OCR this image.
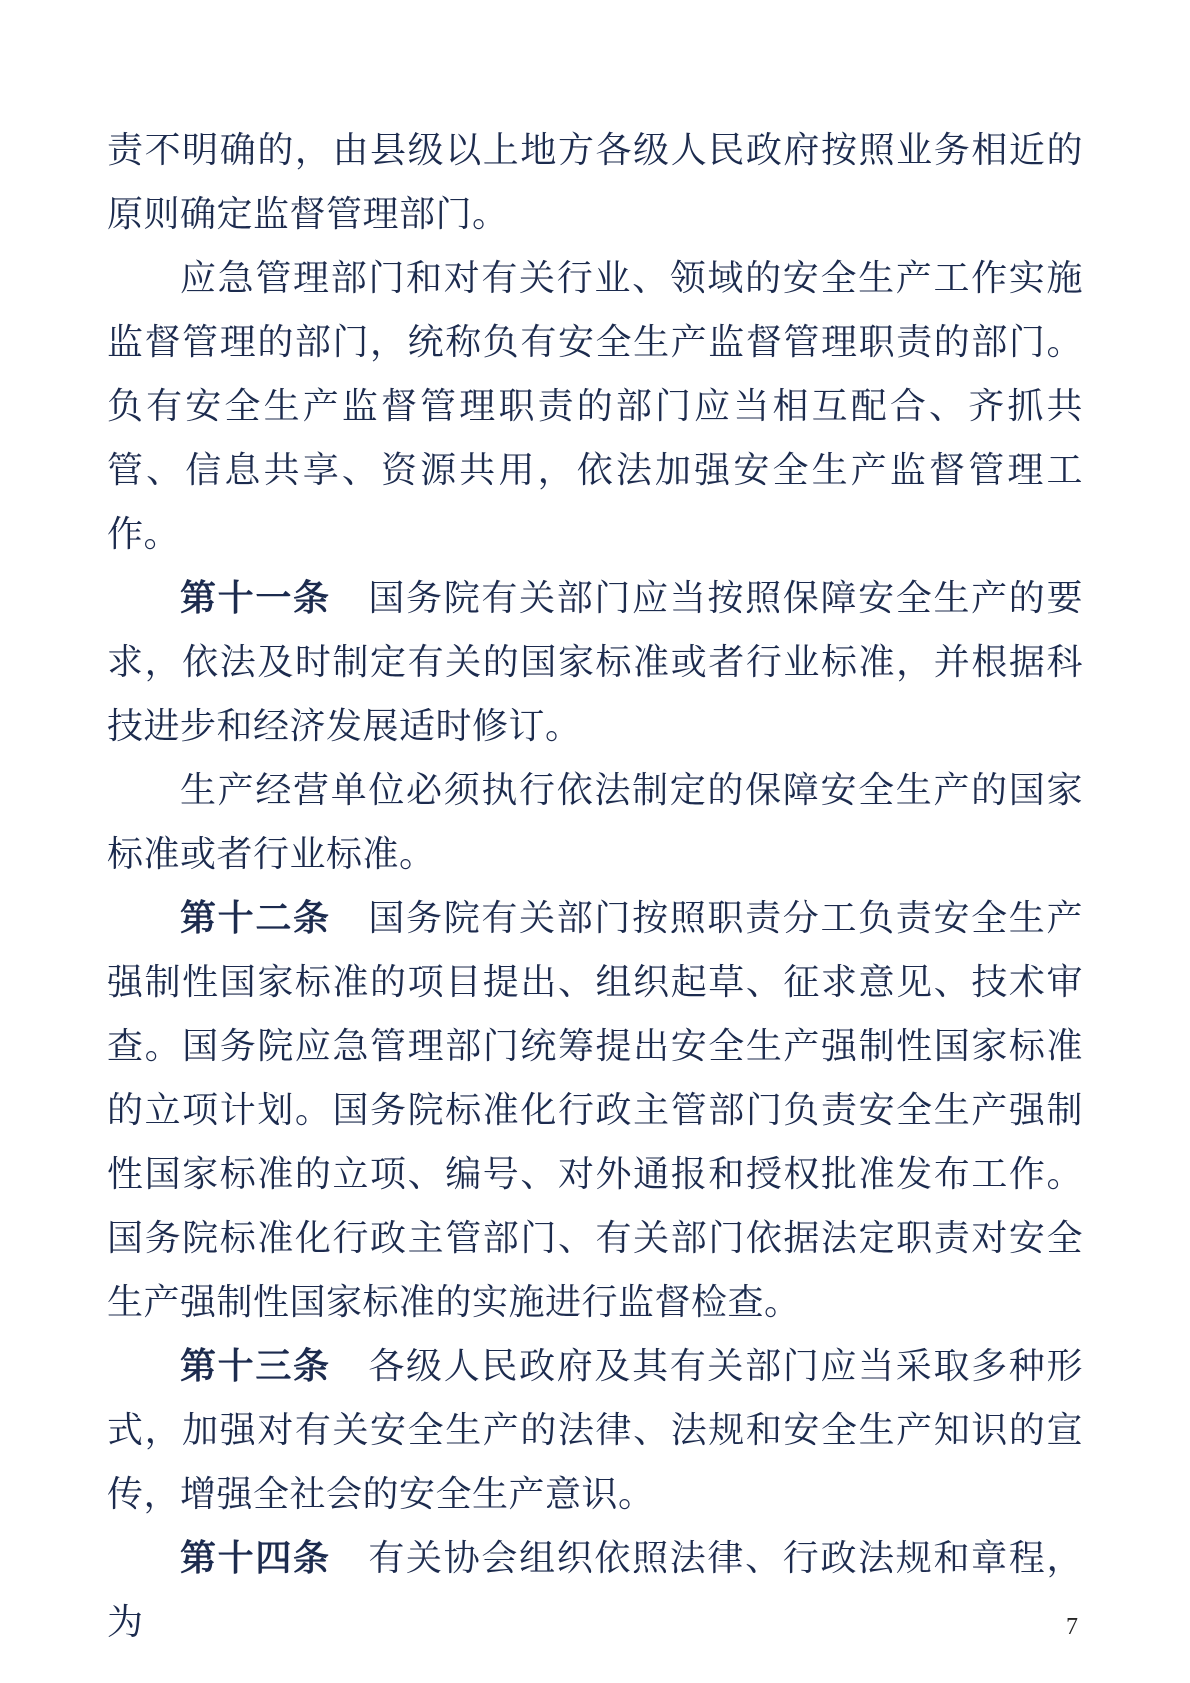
责不明确的，由县级以上地方各级人民政府按照业务相近的原则确定监督管理部门。

应急管理部门和对有关行业、领域的安全生产工作实施监督管理的部门，统称负有安全生产监督管理职责的部门。负有安全生产监督管理职责的部门应当相互配合、齐抓共管、信息共享、资源共用，依法加强安全生产监督管理工作。

第十一条　国务院有关部门应当按照保障安全生产的要求，依法及时制定有关的国家标准或者行业标准，并根据科技进步和经济发展适时修订。

生产经营单位必须执行依法制定的保障安全生产的国家标准或者行业标准。

第十二条　国务院有关部门按照职责分工负责安全生产强制性国家标准的项目提出、组织起草、征求意见、技术审查。国务院应急管理部门统筹提出安全生产强制性国家标准的立项计划。国务院标准化行政主管部门负责安全生产强制性国家标准的立项、编号、对外通报和授权批准发布工作。国务院标准化行政主管部门、有关部门依据法定职责对安全生产强制性国家标准的实施进行监督检查。

第十三条　各级人民政府及其有关部门应当采取多种形式，加强对有关安全生产的法律、法规和安全生产知识的宣传，增强全社会的安全生产意识。

第十四条　有关协会组织依照法律、行政法规和章程，为	7
